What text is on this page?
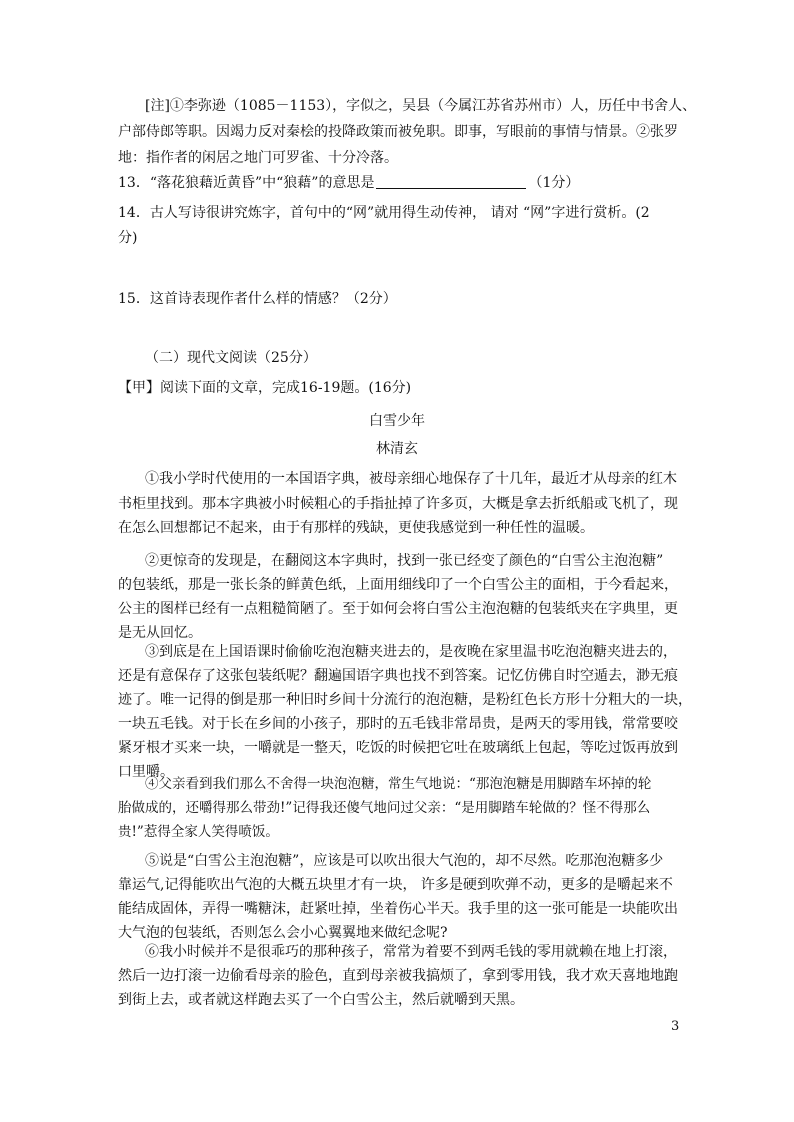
[注]①李弥逊（1085－1153），字似之，吴县（今属江苏省苏州市）人，历任中书舍人、
户部侍郎等职。因竭力反对秦桧的投降政策而被免职。即事，写眼前的事情与情景。②张罗
地：指作者的闲居之地门可罗雀、十分冷落。
13．“落花狼藉近黄昏”中“狼藉”的意思是	（1分）
14．古人写诗很讲究炼字，首句中的“网”就用得生动传神， 请对 “网”字进行赏析。(2
分)
15．这首诗表现作者什么样的情感？（2分）
（二）现代文阅读（25分）
【甲】阅读下面的文章，完成16-19题。(16分)
白雪少年
林清玄
①我小学时代使用的一本国语字典，被母亲细心地保存了十几年，最近才从母亲的红木
书柜里找到。那本字典被小时候粗心的手指扯掉了许多页，大概是拿去折纸船或飞机了，现
在怎么回想都记不起来，由于有那样的残缺，更使我感觉到一种任性的温暖。
②更惊奇的发现是，在翻阅这本字典时，找到一张已经变了颜色的“白雪公主泡泡糖”
的包装纸，那是一张长条的鲜黄色纸，上面用细线印了一个白雪公主的面相，于今看起来，
公主的图样已经有一点粗糙简陋了。至于如何会将白雪公主泡泡糖的包装纸夹在字典里，更
是无从回忆。
③到底是在上国语课时偷偷吃泡泡糖夹进去的，是夜晚在家里温书吃泡泡糖夹进去的，
还是有意保存了这张包装纸呢？翻遍国语字典也找不到答案。记忆仿佛自时空遁去，渺无痕
迹了。唯一记得的倒是那一种旧时乡间十分流行的泡泡糖，是粉红色长方形十分粗大的一块，
一块五毛钱。对于长在乡间的小孩子，那时的五毛钱非常昂贵，是两天的零用钱，常常要咬
紧牙根才买来一块，一嚼就是一整天，吃饭的时候把它吐在玻璃纸上包起，等吃过饭再放到
口里嚼。
④父亲看到我们那么不舍得一块泡泡糖，常生气地说：“那泡泡糖是用脚踏车坏掉的轮
胎做成的，还嚼得那么带劲!”记得我还傻气地问过父亲：“是用脚踏车轮做的？怪不得那么
贵!”惹得全家人笑得喷饭。
⑤说是“白雪公主泡泡糖”，应该是可以吹出很大气泡的，却不尽然。吃那泡泡糖多少
靠运气,记得能吹出气泡的大概五块里才有一块， 许多是硬到吹弹不动，更多的是嚼起来不
能结成固体，弄得一嘴糖沫，赶紧吐掉，坐着伤心半天。我手里的这一张可能是一块能吹出
大气泡的包装纸，否则怎么会小心翼翼地来做纪念呢?
⑥我小时候并不是很乖巧的那种孩子，常常为着要不到两毛钱的零用就赖在地上打滚，
然后一边打滚一边偷看母亲的脸色，直到母亲被我搞烦了，拿到零用钱，我才欢天喜地地跑
到街上去，或者就这样跑去买了一个白雪公主，然后就嚼到天黑。
3
